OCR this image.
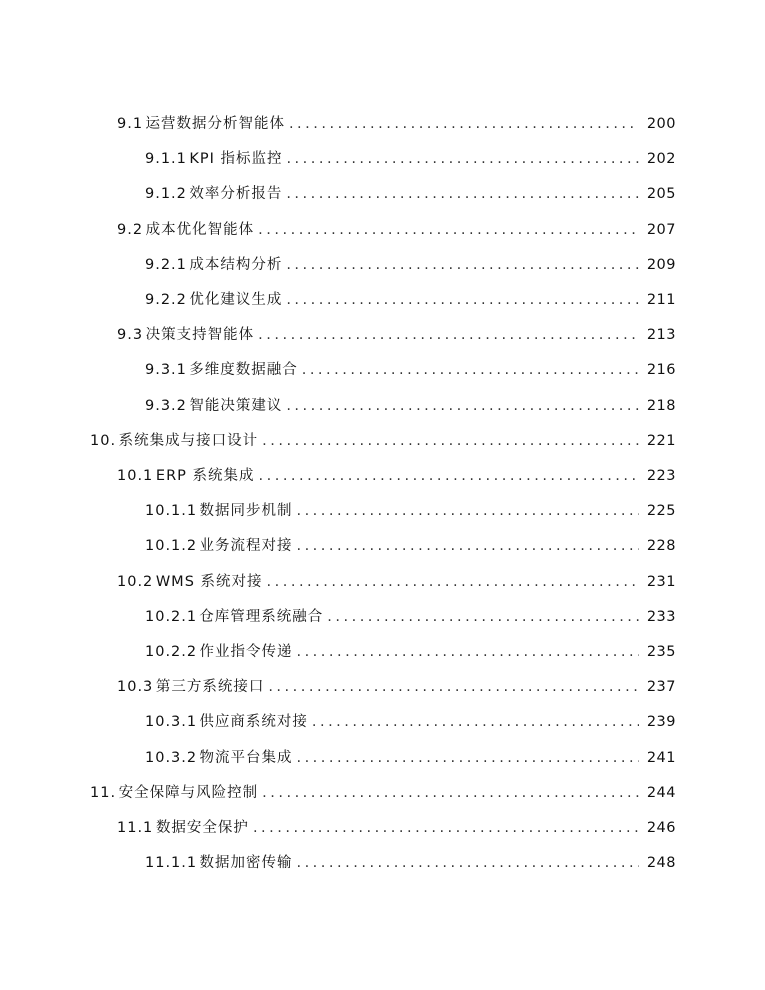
9.1 运营数据分析智能体 .....	200
9.1.1 KPI 指标监控 .....	202
9.1.2 效率分析报告 .....	205
9.2 成本优化智能体 .....	207
9.2.1 成本结构分析 .....	209
9.2.2 优化建议生成 .....	211
9.3 决策支持智能体 .....	213
9.3.1 多维度数据融合 .....	216
9.3.2 智能决策建议 .....	218
10. 系统集成与接口设计 .....	221
10.1 ERP 系统集成 .....	223
10.1.1 数据同步机制 .....	225
10.1.2 业务流程对接 .....	228
10.2 WMS 系统对接 .....	231
10.2.1 仓库管理系统融合 .....	233
10.2.2 作业指令传递 .....	235
10.3 第三方系统接口 .....	237
10.3.1 供应商系统对接 .....	239
10.3.2 物流平台集成 .....	241
11. 安全保障与风险控制 .....	244
11.1 数据安全保护 .....	246
11.1.1 数据加密传输 .....	248
